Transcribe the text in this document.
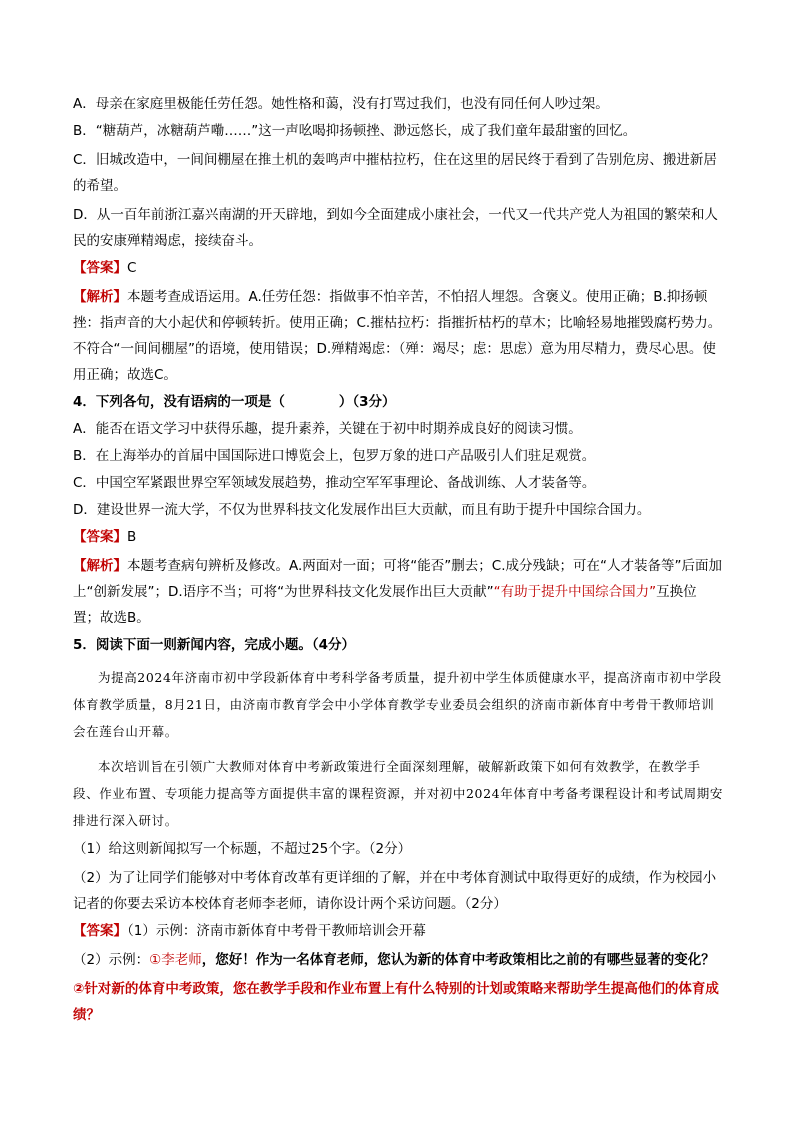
A．母亲在家庭里极能任劳任怨。她性格和蔼，没有打骂过我们，也没有同任何人吵过架。

B．“糖葫芦，冰糖葫芦嘞……”这一声吆喝抑扬顿挫、渺远悠长，成了我们童年最甜蜜的回忆。

C．旧城改造中，一间间棚屋在推土机的轰鸣声中摧枯拉朽，住在这里的居民终于看到了告别危房、搬进新居的希望。

D．从一百年前浙江嘉兴南湖的开天辟地，到如今全面建成小康社会，一代又一代共产党人为祖国的繁荣和人民的安康殚精竭虑，接续奋斗。

【答案】C

【解析】本题考查成语运用。A.任劳任怨：指做事不怕辛苦，不怕招人埋怨。含褒义。使用正确；B.抑扬顿挫：指声音的大小起伏和停顿转折。使用正确；C.摧枯拉朽：指摧折枯朽的草木；比喻轻易地摧毁腐朽势力。不符合“一间间棚屋”的语境，使用错误；D.殚精竭虑：（殚：竭尽；虑：思虑）意为用尽精力，费尽心思。使用正确；故选C。

4．下列各句，没有语病的一项是（　　　　）（3分）

A．能否在语文学习中获得乐趣，提升素养，关键在于初中时期养成良好的阅读习惯。

B．在上海举办的首届中国国际进口博览会上，包罗万象的进口产品吸引人们驻足观赏。

C．中国空军紧跟世界空军领域发展趋势，推动空军军事理论、备战训练、人才装备等。

D．建设世界一流大学，不仅为世界科技文化发展作出巨大贡献，而且有助于提升中国综合国力。

【答案】B

【解析】本题考查病句辨析及修改。A.两面对一面；可将“能否”删去；C.成分残缺；可在“人才装备等”后面加上“创新发展”；D.语序不当；可将“为世界科技文化发展作出巨大贡献”“有助于提升中国综合国力”互换位置；故选B。

5．阅读下面一则新闻内容，完成小题。（4分）

为提高2024年济南市初中学段新体育中考科学备考质量，提升初中学生体质健康水平，提高济南市初中学段体育教学质量，8月21日，由济南市教育学会中小学体育教学专业委员会组织的济南市新体育中考骨干教师培训会在莲台山开幕。

本次培训旨在引领广大教师对体育中考新政策进行全面深刻理解，破解新政策下如何有效教学，在教学手段、作业布置、专项能力提高等方面提供丰富的课程资源，并对初中2024年体育中考备考课程设计和考试周期安排进行深入研讨。

（1）给这则新闻拟写一个标题，不超过25个字。（2分）

（2）为了让同学们能够对中考体育改革有更详细的了解，并在中考体育测试中取得更好的成绩，作为校园小记者的你要去采访本校体育老师李老师，请你设计两个采访问题。（2分）

【答案】（1）示例：济南市新体育中考骨干教师培训会开幕

（2）示例：①李老师，您好！作为一名体育老师，您认为新的体育中考政策相比之前的有哪些显著的变化？

②针对新的体育中考政策，您在教学手段和作业布置上有什么特别的计划或策略来帮助学生提高他们的体育成绩？
